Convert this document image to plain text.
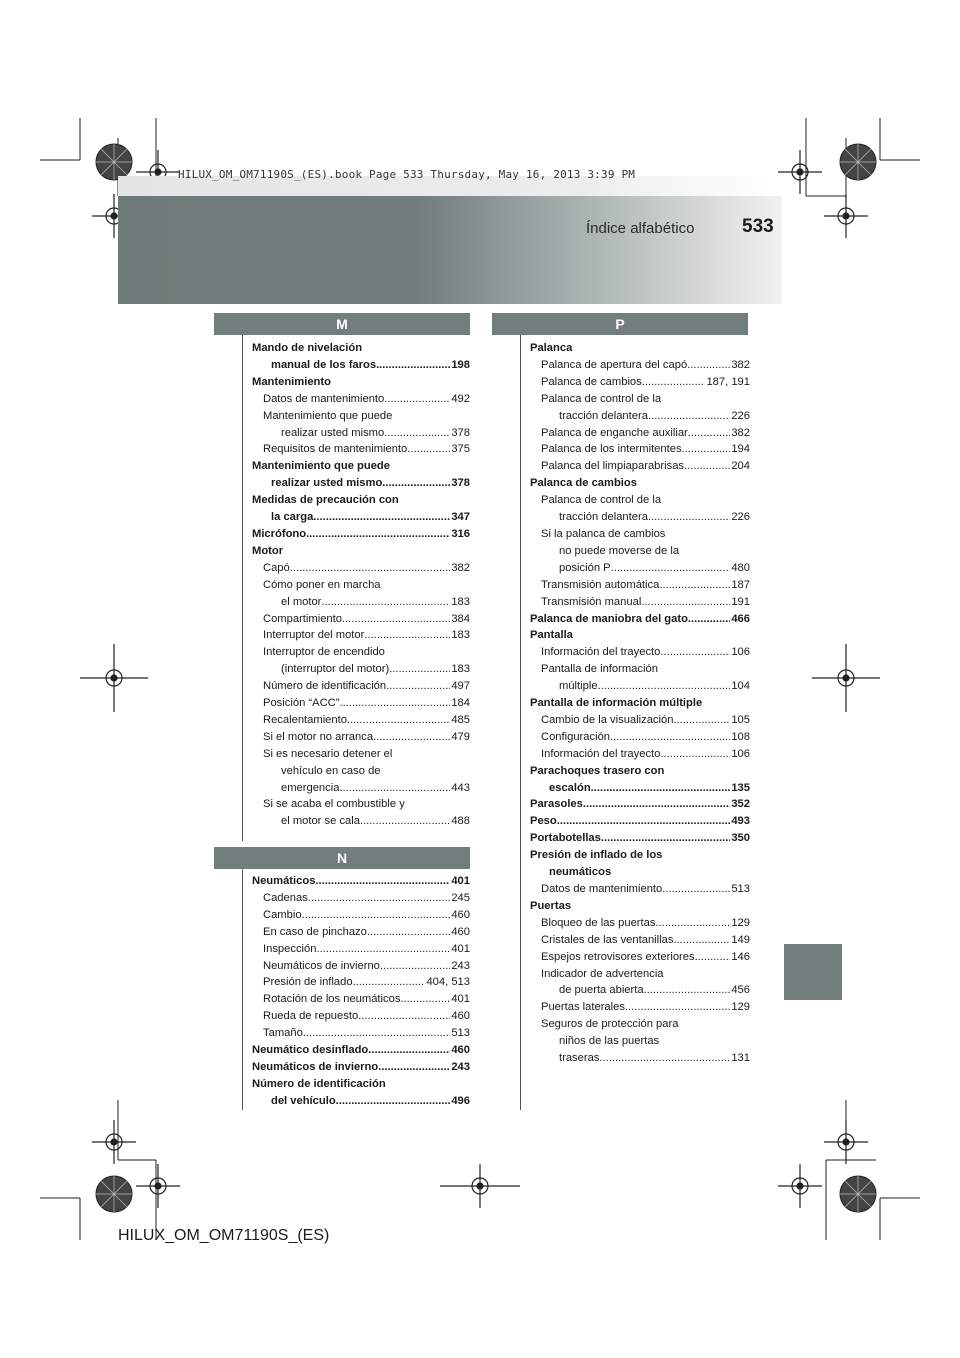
HILUX_OM_OM71190S_(ES).book Page 533 Thursday, May 16, 2013 3:39 PM
Índice alfabético	533
M
Mando de nivelación
manual de los faros .....	198
Mantenimiento
Datos de mantenimiento .....	492
Mantenimiento que puede
realizar usted mismo .....	378
Requisitos de mantenimiento .....	375
Mantenimiento que puede
realizar usted mismo .....	378
Medidas de precaución con
la carga .....	347
Micrófono .....	316
Motor
Capó .....	382
Cómo poner en marcha
el motor .....	183
Compartimiento .....	384
Interruptor del motor .....	183
Interruptor de encendido
(interruptor del motor) .....	183
Número de identificación .....	497
Posición “ACC” .....	184
Recalentamiento .....	485
Si el motor no arranca .....	479
Si es necesario detener el
vehículo en caso de
emergencia .....	443
Si se acaba el combustible y
el motor se cala .....	488
N
Neumáticos .....	401
Cadenas .....	245
Cambio .....	460
En caso de pinchazo .....	460
Inspección .....	401
Neumáticos de invierno .....	243
Presión de inflado .....	404, 513
Rotación de los neumáticos .....	401
Rueda de repuesto .....	460
Tamaño .....	513
Neumático desinflado .....	460
Neumáticos de invierno .....	243
Número de identificación
del vehículo .....	496
P
Palanca
Palanca de apertura del capó .....	382
Palanca de cambios .....	187, 191
Palanca de control de la
tracción delantera .....	226
Palanca de enganche auxiliar .....	382
Palanca de los intermitentes .....	194
Palanca del limpiaparabrisas .....	204
Palanca de cambios
Palanca de control de la
tracción delantera .....	226
Si la palanca de cambios
no puede moverse de la
posición P .....	480
Transmisión automática .....	187
Transmisión manual .....	191
Palanca de maniobra del gato .....	466
Pantalla
Información del trayecto .....	106
Pantalla de información
múltiple .....	104
Pantalla de información múltiple
Cambio de la visualización .....	105
Configuración .....	108
Información del trayecto .....	106
Parachoques trasero con
escalón .....	135
Parasoles .....	352
Peso .....	493
Portabotellas .....	350
Presión de inflado de los
neumáticos
Datos de mantenimiento .....	513
Puertas
Bloqueo de las puertas .....	129
Cristales de las ventanillas .....	149
Espejos retrovisores exteriores .....	146
Indicador de advertencia
de puerta abierta .....	456
Puertas laterales .....	129
Seguros de protección para
niños de las puertas
traseras .....	131
HILUX_OM_OM71190S_(ES)
